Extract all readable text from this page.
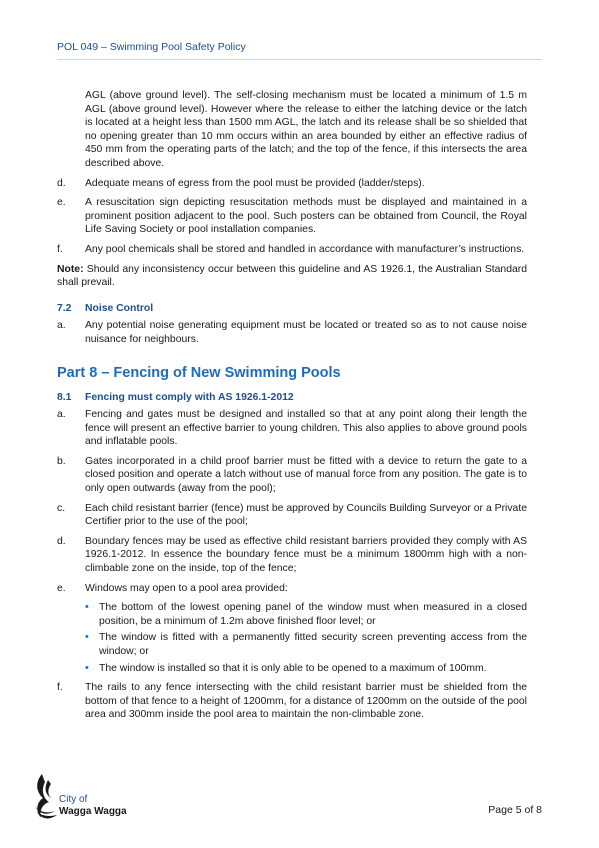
POL 049 – Swimming Pool Safety Policy
AGL (above ground level). The self-closing mechanism must be located a minimum of 1.5 m AGL (above ground level). However where the release to either the latching device or the latch is located at a height less than 1500 mm AGL, the latch and its release shall be so shielded that no opening greater than 10 mm occurs within an area bounded by either an effective radius of 450 mm from the operating parts of the latch; and the top of the fence, if this intersects the area described above.
d.	Adequate means of egress from the pool must be provided (ladder/steps).
e.	A resuscitation sign depicting resuscitation methods must be displayed and maintained in a prominent position adjacent to the pool. Such posters can be obtained from Council, the Royal Life Saving Society or pool installation companies.
f.	Any pool chemicals shall be stored and handled in accordance with manufacturer’s instructions.
Note: Should any inconsistency occur between this guideline and AS 1926.1, the Australian Standard shall prevail.
7.2	Noise Control
a.	Any potential noise generating equipment must be located or treated so as to not cause noise nuisance for neighbours.
Part 8 – Fencing of New Swimming Pools
8.1	Fencing must comply with AS 1926.1-2012
a.	Fencing and gates must be designed and installed so that at any point along their length the fence will present an effective barrier to young children. This also applies to above ground pools and inflatable pools.
b.	Gates incorporated in a child proof barrier must be fitted with a device to return the gate to a closed position and operate a latch without use of manual force from any position. The gate is to only open outwards (away from the pool);
c.	Each child resistant barrier (fence) must be approved by Councils Building Surveyor or a Private Certifier prior to the use of the pool;
d.	Boundary fences may be used as effective child resistant barriers provided they comply with AS 1926.1-2012. In essence the boundary fence must be a minimum 1800mm high with a non-climbable zone on the inside, top of the fence;
e.	Windows may open to a pool area provided:
• The bottom of the lowest opening panel of the window must when measured in a closed position, be a minimum of 1.2m above finished floor level; or
• The window is fitted with a permanently fitted security screen preventing access from the window; or
• The window is installed so that it is only able to be opened to a maximum of 100mm.
f.	The rails to any fence intersecting with the child resistant barrier must be shielded from the bottom of that fence to a height of 1200mm, for a distance of 1200mm on the outside of the pool area and 300mm inside the pool area to maintain the non-climbable zone.
City of
Wagga Wagga	Page 5 of 8
